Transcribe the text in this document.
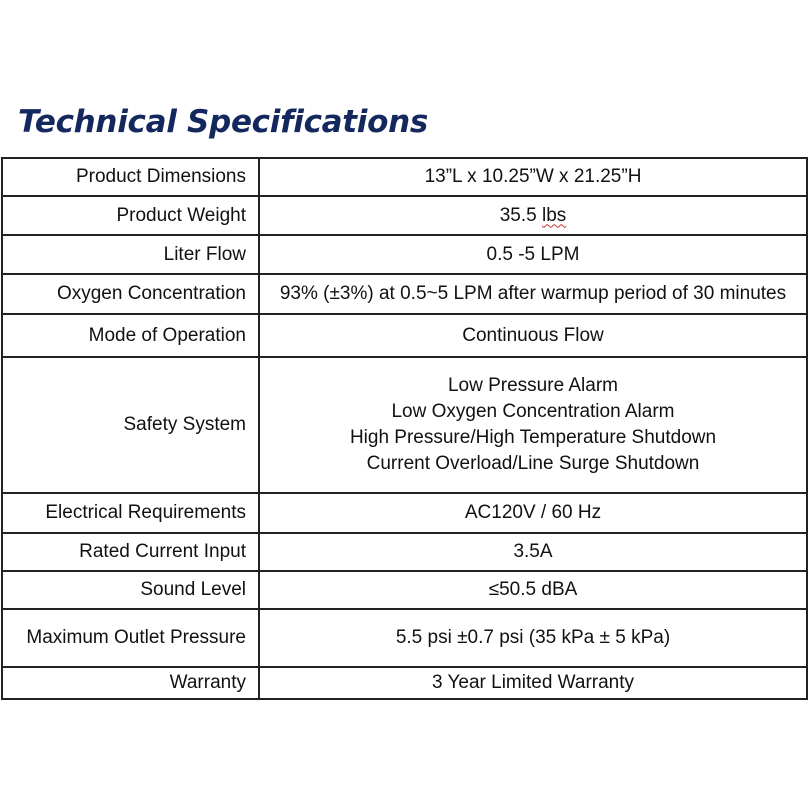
Technical Specifications
Product Dimensions	13”L x 10.25”W x 21.25”H
Product Weight	35.5 lbs
Liter Flow	0.5 -5 LPM
Oxygen Concentration	93% (±3%) at 0.5~5 LPM after warmup period of 30 minutes
Mode of Operation	Continuous Flow
Safety System	Low Pressure Alarm
Low Oxygen Concentration Alarm
High Pressure/High Temperature Shutdown
Current Overload/Line Surge Shutdown

Electrical Requirements	AC120V / 60 Hz
Rated Current Input	3.5A
Sound Level	≤50.5 dBA
Maximum Outlet Pressure	5.5 psi ±0.7 psi (35 kPa ± 5 kPa)
Warranty	3 Year Limited Warranty
